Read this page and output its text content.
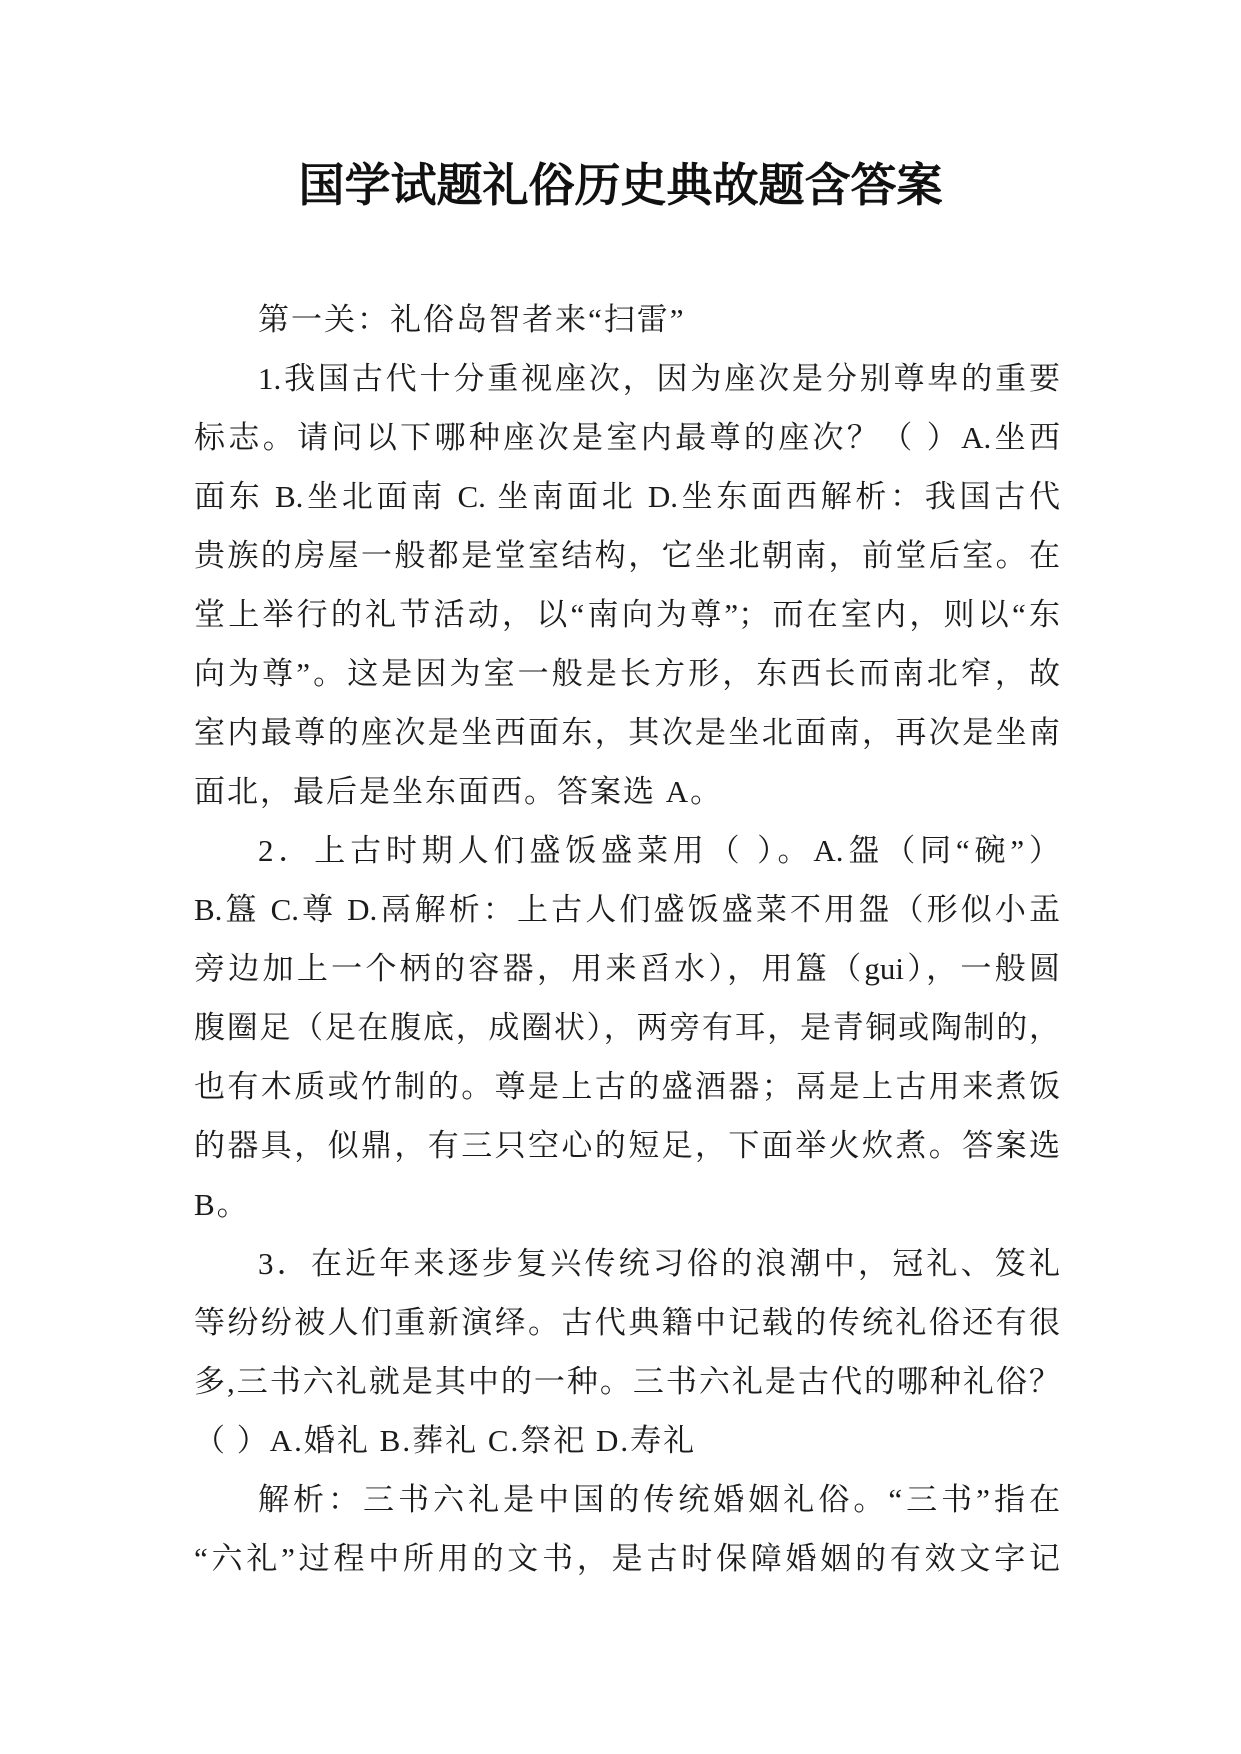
国学试题礼俗历史典故题含答案
第一关：礼俗岛智者来“扫雷”
1.我国古代十分重视座次，因为座次是分别尊卑的重要
标志。请问以下哪种座次是室内最尊的座次？（ ）A.坐西
面东 B.坐北面南 C. 坐南面北 D.坐东面西解析：我国古代
贵族的房屋一般都是堂室结构，它坐北朝南，前堂后室。在
堂上举行的礼节活动，以“南向为尊”；而在室内，则以“东
向为尊”。这是因为室一般是长方形，东西长而南北窄，故
室内最尊的座次是坐西面东，其次是坐北面南，再次是坐南
面北，最后是坐东面西。答案选 A。
2．上古时期人们盛饭盛菜用（ ）。A.盌（同“碗”）
B.簋 C.尊 D.鬲解析：上古人们盛饭盛菜不用盌（形似小盂
旁边加上一个柄的容器，用来舀水），用簋（gui），一般圆
腹圈足（足在腹底，成圈状），两旁有耳，是青铜或陶制的，
也有木质或竹制的。尊是上古的盛酒器；鬲是上古用来煮饭
的器具，似鼎，有三只空心的短足，下面举火炊煮。答案选
B。
3．在近年来逐步复兴传统习俗的浪潮中，冠礼、笈礼
等纷纷被人们重新演绎。古代典籍中记载的传统礼俗还有很
多,三书六礼就是其中的一种。三书六礼是古代的哪种礼俗？
（ ）A.婚礼 B.葬礼 C.祭祀 D.寿礼
解析：三书六礼是中国的传统婚姻礼俗。“三书”指在
“六礼”过程中所用的文书，是古时保障婚姻的有效文字记
